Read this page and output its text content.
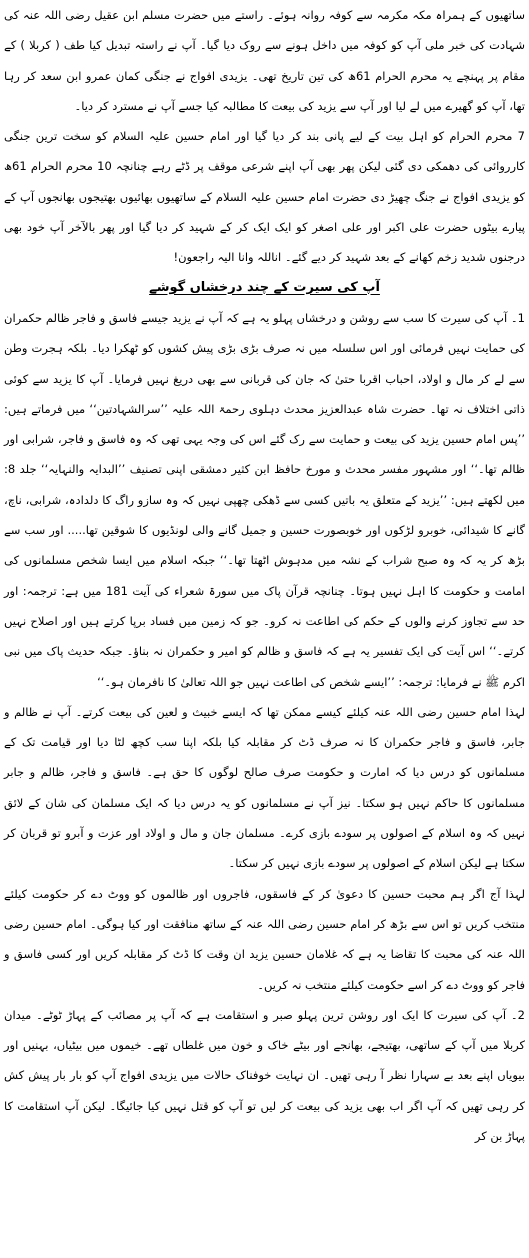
ساتھیوں کے ہمراہ مکہ مکرمہ سے کوفہ روانہ ہوئے۔ راستے میں حضرت مسلم ابن عقیل رضی اللہ عنہ کی شہادت کی خبر ملی آپ کو کوفہ میں داخل ہونے سے روک دیا گیا۔ آپ نے راستہ تبدیل کیا طف ( کربلا ) کے مقام پر پہنچے یہ محرم الحرام 61ھ کی تین تاریخ تھی۔ یزیدی افواج نے جنگی کمان عمرو ابن سعد کر رہا تھا، آپ کو گھیرے میں لے لیا اور آپ سے یزید کی بیعت کا مطالبہ کیا جسے آپ نے مسترد کر دیا۔

7 محرم الحرام کو اہل بیت کے لیے پانی بند کر دیا گیا اور امام حسین علیہ السلام کو سخت ترین جنگی کارروائی کی دھمکی دی گئی لیکن پھر بھی آپ اپنے شرعی موقف پر ڈٹے رہے چنانچہ 10 محرم الحرام 61ھ کو یزیدی افواج نے جنگ چھیڑ دی حضرت امام حسین علیہ السلام کے ساتھیوں بھائیوں بھتیجوں بھانجوں آپ کے پیارے بیٹوں حضرت علی اکبر اور علی اصغر کو ایک ایک کر کے شہید کر دیا گیا اور پھر بالآخر آپ خود بھی درجنوں شدید زخم کھانے کے بعد شہید کر دیے گئے۔ اناللہ وانا الیہ راجعون!

آپ کی سیرت کے چند درخشاں گوشے

1۔ آپ کی سیرت کا سب سے روشن و درخشاں پہلو یہ ہے کہ آپ نے یزید جیسے فاسق و فاجر ظالم حکمران کی حمایت نہیں فرمائی اور اس سلسلہ میں نہ صرف بڑی بڑی پیش کشوں کو ٹھکرا دیا۔ بلکہ ہجرت وطن سے لے کر مال و اولاد، احباب اقربا حتیٰ کہ جان کی قربانی سے بھی دریغ نہیں فرمایا۔ آپ کا یزید سے کوئی ذاتی اختلاف نہ تھا۔ حضرت شاہ عبدالعزیز محدث دہلوی رحمۃ اللہ علیہ ’’سرالشہادتین‘‘ میں فرماتے ہیں: ’’پس امام حسین یزید کی بیعت و حمایت سے رک گئے اس کی وجہ یہی تھی کہ وہ فاسق و فاجر، شرابی اور ظالم تھا۔‘‘ اور مشہور مفسر محدث و مورخ حافظ ابن کثیر دمشقی اپنی تصنیف ’’البدایہ والنہایہ‘‘ جلد 8: میں لکھتے ہیں: ’’یزید کے متعلق یہ باتیں کسی سے ڈھکی چھپی نہیں کہ وہ سازو راگ کا دلدادہ، شرابی، ناچ، گانے کا شیدائی، خوبرو لڑکوں اور خوبصورت حسین و جمیل گانے والی لونڈیوں کا شوقین تھا..... اور سب سے بڑھ کر یہ کہ وہ صبح شراب کے نشہ میں مدہوش اٹھتا تھا۔‘‘ جبکہ اسلام میں ایسا شخص مسلمانوں کی امامت و حکومت کا اہل نہیں ہوتا۔ چنانچہ قرآن پاک میں سورۃ شعراء کی آیت 181 میں ہے: ترجمہ: اور حد سے تجاوز کرنے والوں کے حکم کی اطاعت نہ کرو۔ جو کہ زمین میں فساد برپا کرتے ہیں اور اصلاح نہیں کرتے۔‘‘ اس آیت کی ایک تفسیر یہ ہے کہ فاسق و ظالم کو امیر و حکمران نہ بناؤ۔ جبکہ حدیث پاک میں نبی اکرم ﷺ نے فرمایا: ترجمہ: ’’ایسے شخص کی اطاعت نہیں جو اللہ تعالیٰ کا نافرمان ہو۔‘‘

لہذا امام حسین رضی اللہ عنہ کیلئے کیسے ممکن تھا کہ ایسے خبیث و لعین کی بیعت کرتے۔ آپ نے ظالم و جابر، فاسق و فاجر حکمران کا نہ صرف ڈٹ کر مقابلہ کیا بلکہ اپنا سب کچھ لٹا دیا اور قیامت تک کے مسلمانوں کو درس دیا کہ امارت و حکومت صرف صالح لوگوں کا حق ہے۔ فاسق و فاجر، ظالم و جابر مسلمانوں کا حاکم نہیں ہو سکتا۔ نیز آپ نے مسلمانوں کو یہ درس دیا کہ ایک مسلمان کی شان کے لائق نہیں کہ وہ اسلام کے اصولوں پر سودے بازی کرے۔ مسلمان جان و مال و اولاد اور عزت و آبرو تو قربان کر سکتا ہے لیکن اسلام کے اصولوں پر سودے بازی نہیں کر سکتا۔

لہذا آج اگر ہم محبت حسین کا دعویٰ کر کے فاسقوں، فاجروں اور ظالموں کو ووٹ دے کر حکومت کیلئے منتخب کریں تو اس سے بڑھ کر امام حسین رضی اللہ عنہ کے ساتھ منافقت اور کیا ہوگی۔ امام حسین رضی اللہ عنہ کی محبت کا تقاضا یہ ہے کہ غلامان حسین یزید ان وقت کا ڈٹ کر مقابلہ کریں اور کسی فاسق و فاجر کو ووٹ دے کر اسے حکومت کیلئے منتخب نہ کریں۔

2۔ آپ کی سیرت کا ایک اور روشن ترین پہلو صبر و استقامت ہے کہ آپ پر مصائب کے پہاڑ ٹوٹے۔ میدان کربلا میں آپ کے ساتھی، بھتیجے، بھانجے اور بیٹے خاک و خون میں غلطاں تھے۔ خیموں میں بیٹیاں، بہنیں اور بیویاں اپنے بعد بے سہارا نظر آ رہی تھیں۔ ان نہایت خوفناک حالات میں یزیدی افواج آپ کو بار بار پیش کش کر رہی تھیں کہ آپ اگر اب بھی یزید کی بیعت کر لیں تو آپ کو قتل نہیں کیا جائیگا۔ لیکن آپ استقامت کا پہاڑ بن کر
